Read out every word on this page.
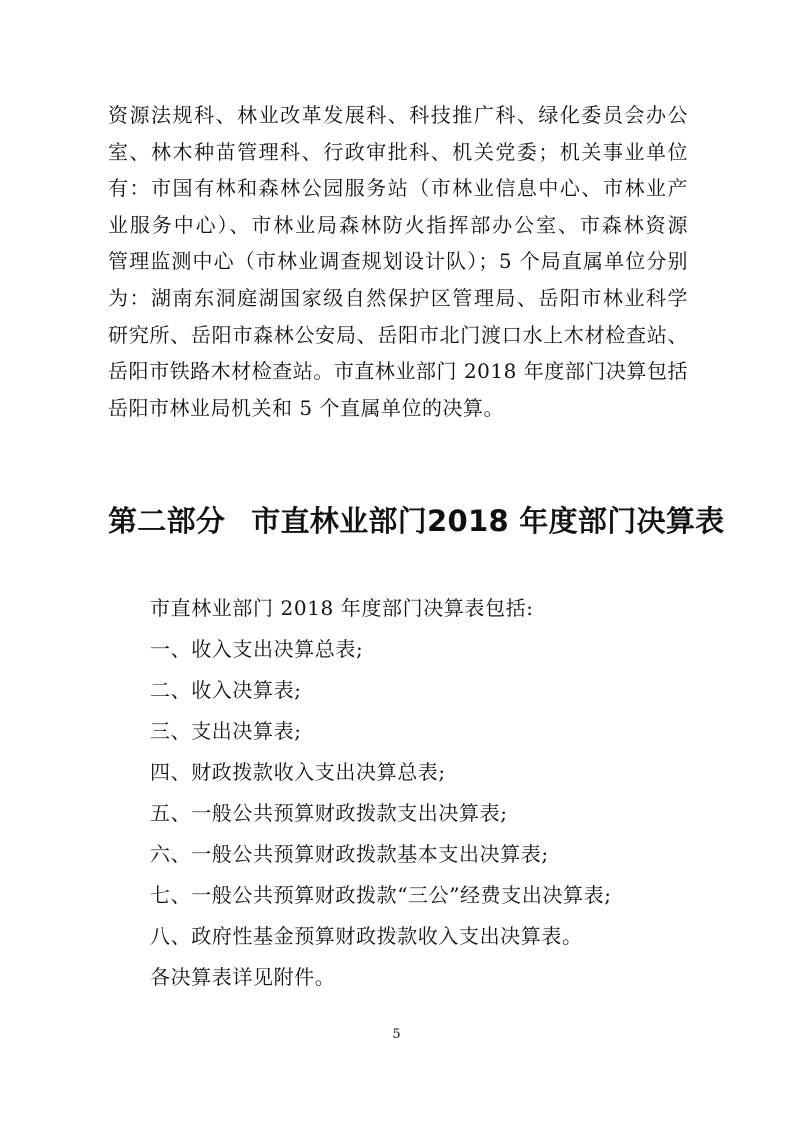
资源法规科、林业改革发展科、科技推广科、绿化委员会办公
室、林木种苗管理科、行政审批科、机关党委；机关事业单位
有：市国有林和森林公园服务站（市林业信息中心、市林业产
业服务中心）、市林业局森林防火指挥部办公室、市森林资源
管理监测中心（市林业调查规划设计队）；5 个局直属单位分别
为：湖南东洞庭湖国家级自然保护区管理局、岳阳市林业科学
研究所、岳阳市森林公安局、岳阳市北门渡口水上木材检查站、
岳阳市铁路木材检查站。市直林业部门 2018 年度部门决算包括
岳阳市林业局机关和 5 个直属单位的决算。
第二部分 市直林业部门2018 年度部门决算表
市直林业部门 2018 年度部门决算表包括:
一、收入支出决算总表;
二、收入决算表;
三、支出决算表;
四、财政拨款收入支出决算总表;
五、一般公共预算财政拨款支出决算表;
六、一般公共预算财政拨款基本支出决算表;
七、一般公共预算财政拨款“三公”经费支出决算表;
八、政府性基金预算财政拨款收入支出决算表。
各决算表详见附件。
5
